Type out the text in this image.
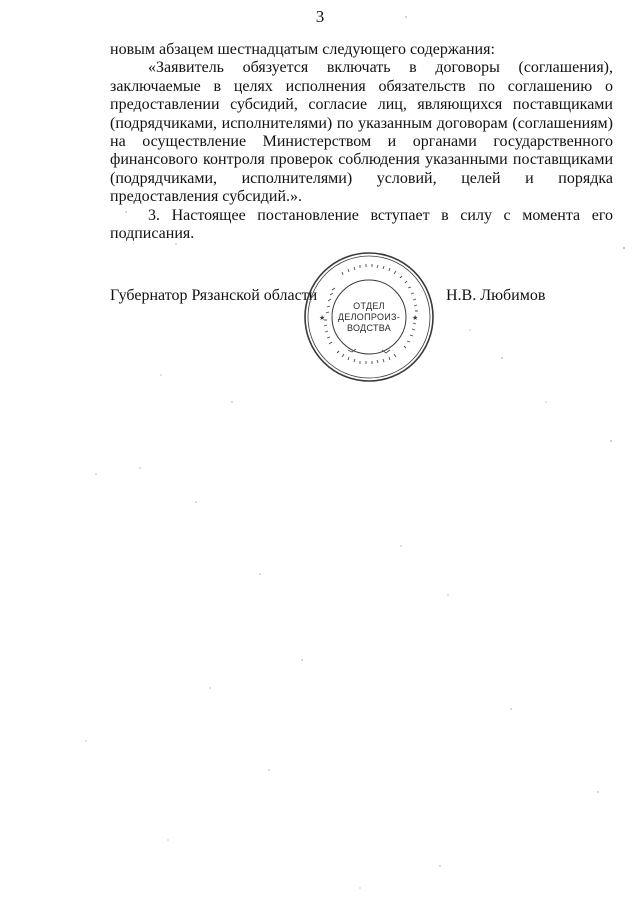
3

новым абзацем шестнадцатым следующего содержания:

«Заявитель обязуется включать в договоры (соглашения), заключаемые в целях исполнения обязательств по соглашению о предоставлении субсидий, согласие лиц, являющихся поставщиками (подрядчиками, исполнителями) по указанным договорам (соглашениям) на осуществление Министерством и органами государственного финансового контроля проверок соблюдения указанными поставщиками (подрядчиками, исполнителями) условий, целей и порядка предоставления субсидий.».

3. Настоящее постановление вступает в силу с момента его подписания.

Губернатор Рязанской области	Н.В. Любимов
★	★
ОТДЕЛ
ДЕЛОПРОИЗ-
ВОДСТВА
